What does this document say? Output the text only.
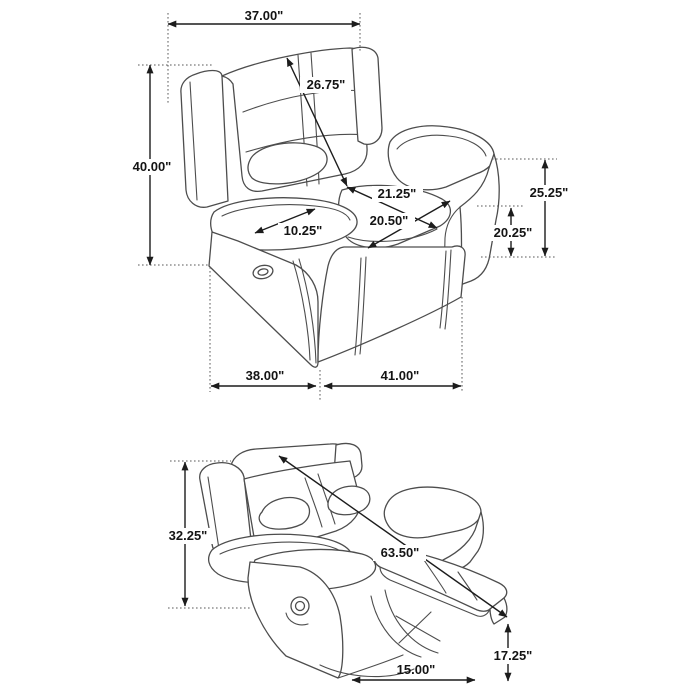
37.00"
26.75"
40.00"
10.25"
21.25"
20.50"
25.25"
20.25"
38.00"	41.00"
32.25"
63.50"
17.25"
15.00"
